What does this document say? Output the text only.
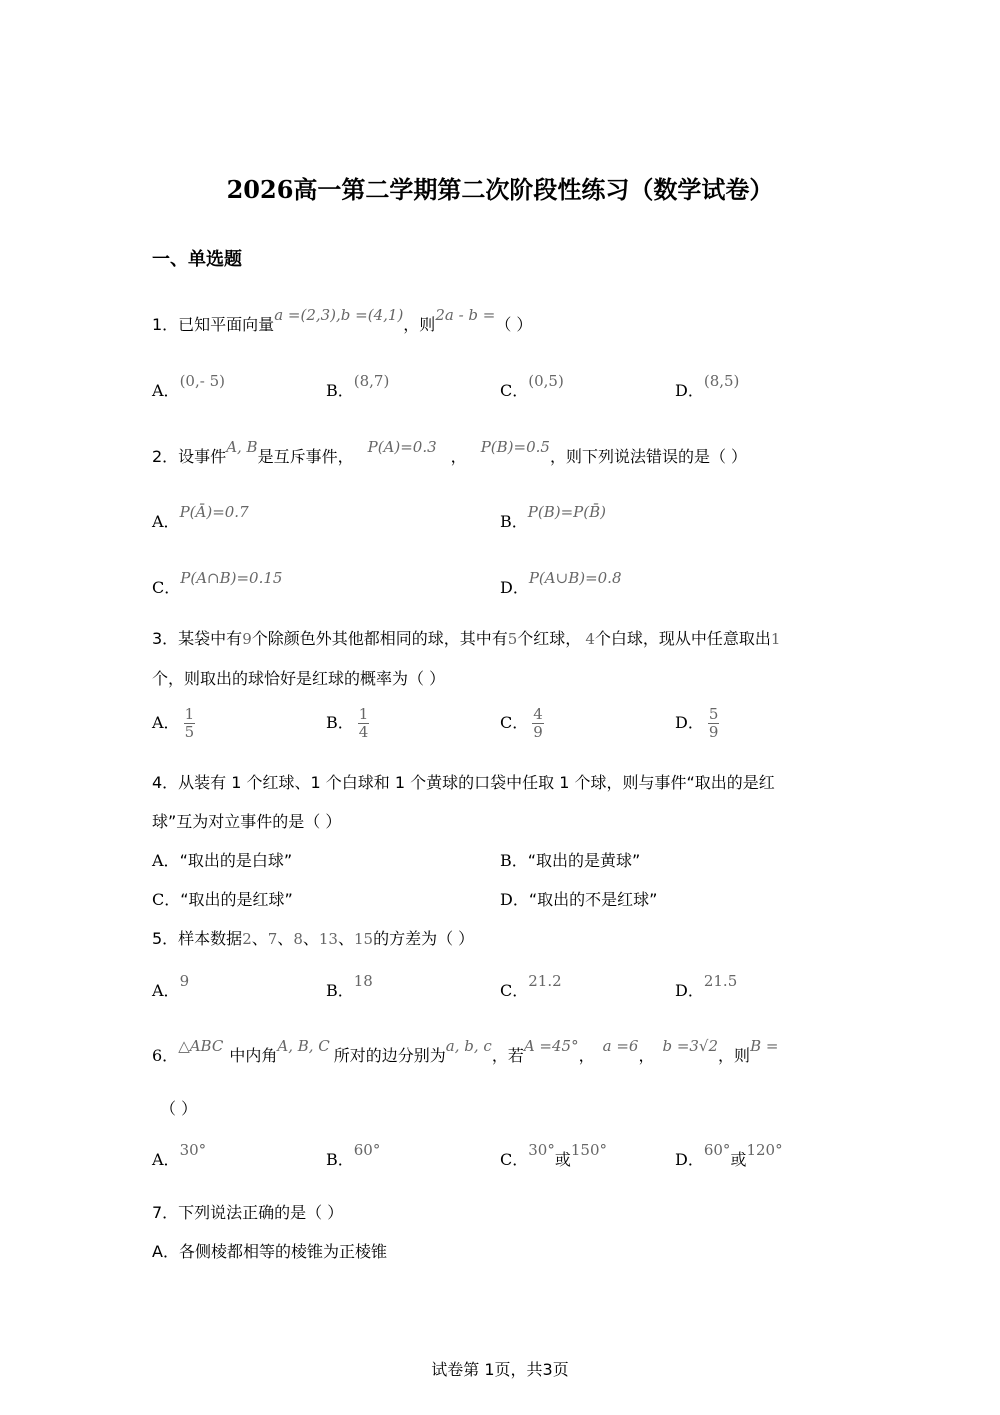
2026高一第二学期第二次阶段性练习（数学试卷）
一、单选题
1．已知平面向量a =(2,3),b =(4,1)，则2a - b =（ ）
A．(0,- 5)	B．(8,7)	C．(0,5)	D．(8,5)
2．设事件A, B是互斥事件， P(A)=0.3 ， P(B)=0.5，则下列说法错误的是（ ）
A．P(Ā)=0.7	B．P(B)=P(B̄)
C．P(A∩B)=0.15	D．P(A∪B)=0.8
3．某袋中有9个除颜色外其他都相同的球，其中有5个红球， 4个白球，现从中任意取出1
个，则取出的球恰好是红球的概率为（ ）
A． $\frac{1}{5}$	B． $\frac{1}{4}$	C． $\frac{4}{9}$	D． $\frac{5}{9}$
4．从装有 1 个红球、1 个白球和 1 个黄球的口袋中任取 1 个球，则与事件“取出的是红
球”互为对立事件的是（ ）
A．“取出的是白球”	B．“取出的是黄球”
C．“取出的是红球”	D．“取出的不是红球”
5．样本数据2、7、8、13、15的方差为（ ）
A．9	B．18	C．21.2	D．21.5
6．△ABC 中内角A, B, C 所对的边分别为a, b, c，若A =45°， a =6， b =3√2，则B =
（ ）
A．30°	B．60°	C．30°或150°	D．60°或120°
7．下列说法正确的是（ ）
A．各侧棱都相等的棱锥为正棱锥
试卷第 1页，共3页
